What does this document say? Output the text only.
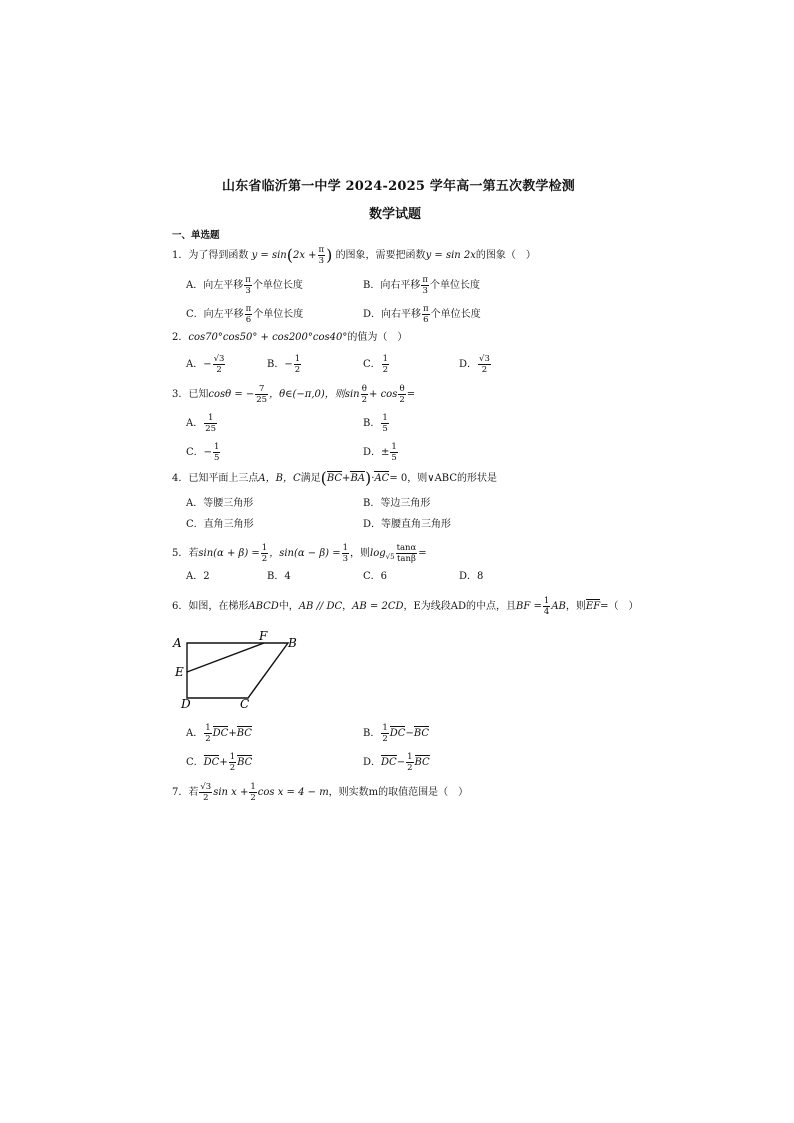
山东省临沂第一中学 2024-2025 学年高一第五次教学检测
数学试题
一、单选题
1．为了得到函数 $y = \sin(2x + \frac{\pi}{3}$ ) 的图象，需要把函数y = sin 2x的图象（　）
A．向左平移 $\frac{\pi}{3}$ 个单位长度	B．向右平移 $\frac{\pi}{3}$ 个单位长度
C．向左平移 $\frac{\pi}{6}$ 个单位长度	D．向右平移 $\frac{\pi}{6}$ 个单位长度
2．cos70°cos50° + cos200°cos40°的值为（　）
A．− $\frac{√3}{2}$	B．− $\frac{1}{2}$	C． $\frac{1}{2}$	D． $\frac{√3}{2}$
3．已知cosθ = − $\frac{7}{25}$ ，θ∈(−π,0)，则$\sin \frac{\theta}{2} + \cos \frac{\theta}{2}$ =
A． $\frac{1}{25}$	B． $\frac{1}{5}$
C．− $\frac{1}{5}$	D．± $\frac{1}{5}$
4．已知平面上三点A，B，C满足(BC+BA)·AC= 0，则∨ABC的形状是
A．等腰三角形	B．等边三角形
C．直角三角形	D．等腰直角三角形
5．若$\sin(\alpha + \beta) = \frac{1}{2}$ ，$\sin(\alpha - \beta) = \frac{1}{3}$ ，则$\log_{√5} \frac{\tan\alpha}{\tan\beta}$ =
A．2	B．4	C．6	D．8
6．如图，在梯形ABCD中，AB // DC，AB = 2CD，E为线段AD的中点，且BF = $\frac{1}{4}$ AB，则EF=（　）
A	F B
E
D	C
A． $\frac{1}{2} DC+BC$	B． $\frac{1}{2} DC-BC$
C．$DC+ \frac{1}{2}$ BC	D．$DC- \frac{1}{2}$ BC
7．若 $\frac{√3}{2}$ $\sin x + \frac{1}{2}$ cos x = 4 − m，则实数m的取值范围是（　）
